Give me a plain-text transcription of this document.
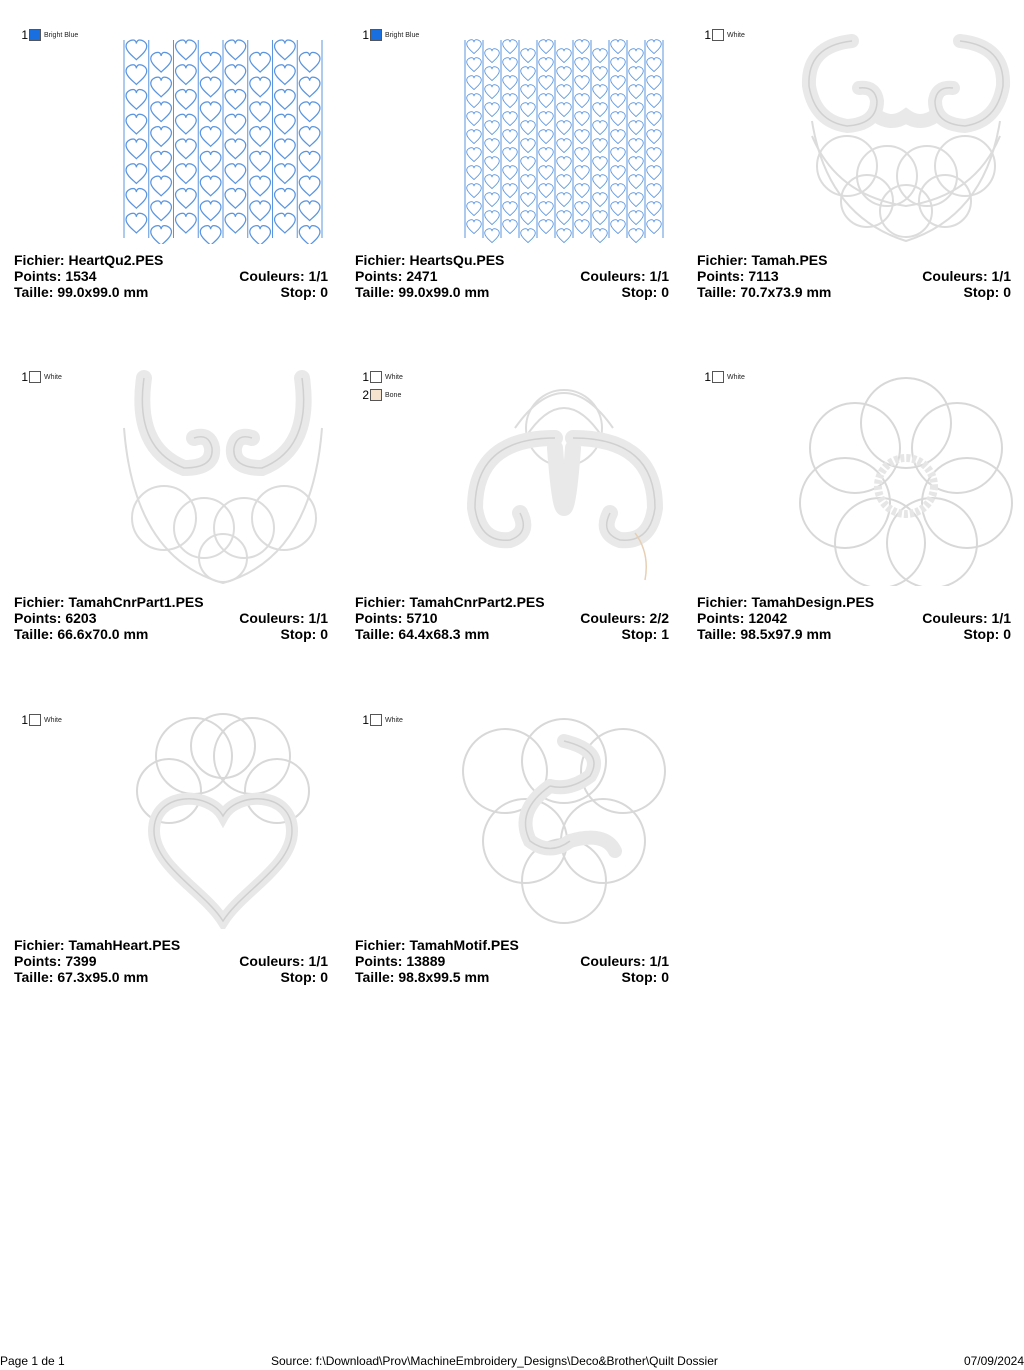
1 Bright Blue
Fichier: HeartQu2.PES
Points: 1534	Couleurs: 1/1
Taille: 99.0x99.0 mm	Stop: 0
1 Bright Blue
Fichier: HeartsQu.PES
Points: 2471	Couleurs: 1/1
Taille: 99.0x99.0 mm	Stop: 0
1 White
Fichier: Tamah.PES
Points: 7113	Couleurs: 1/1
Taille: 70.7x73.9 mm	Stop: 0
1 White
Fichier: TamahCnrPart1.PES
Points: 6203	Couleurs: 1/1
Taille: 66.6x70.0 mm	Stop: 0
1 White
2 Bone
Fichier: TamahCnrPart2.PES
Points: 5710	Couleurs: 2/2
Taille: 64.4x68.3 mm	Stop: 1
1 White
Fichier: TamahDesign.PES
Points: 12042	Couleurs: 1/1
Taille: 98.5x97.9 mm	Stop: 0
1 White
Fichier: TamahHeart.PES
Points: 7399	Couleurs: 1/1
Taille: 67.3x95.0 mm	Stop: 0
1 White
Fichier: TamahMotif.PES
Points: 13889	Couleurs: 1/1
Taille: 98.8x99.5 mm	Stop: 0
Page 1 de 1	Source: f:\Download\Prov\MachineEmbroidery_Designs\Deco&Brother\Quilt Dossier	07/09/2024
